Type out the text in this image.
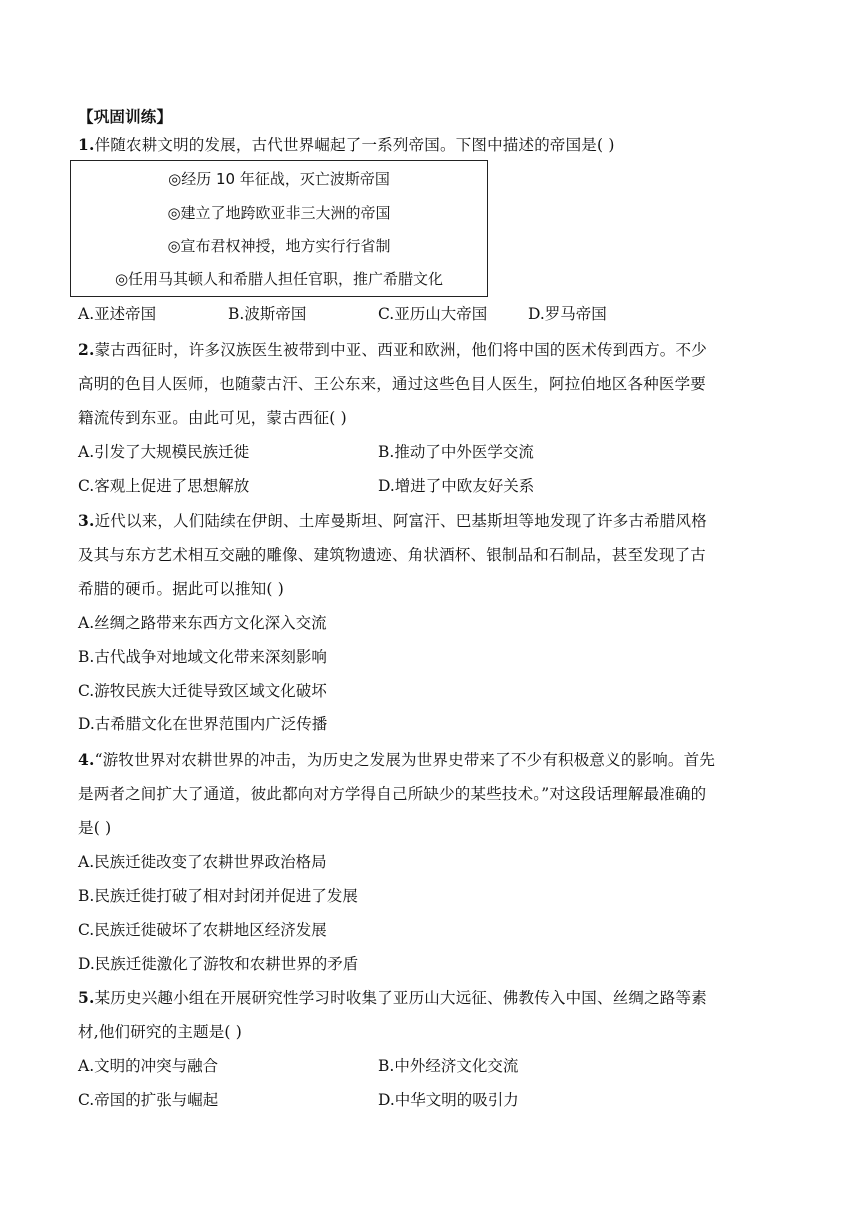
【巩固训练】
1.伴随农耕文明的发展，古代世界崛起了一系列帝国。下图中描述的帝国是( )
◎经历 10 年征战，灭亡波斯帝国
◎建立了地跨欧亚非三大洲的帝国
◎宣布君权神授，地方实行行省制
◎任用马其顿人和希腊人担任官职，推广希腊文化
A.亚述帝国	B.波斯帝国	C.亚历山大帝国	D.罗马帝国
2.蒙古西征时，许多汉族医生被带到中亚、西亚和欧洲，他们将中国的医术传到西方。不少
高明的色目人医师，也随蒙古汗、王公东来，通过这些色目人医生，阿拉伯地区各种医学要
籍流传到东亚。由此可见，蒙古西征( )
A.引发了大规模民族迁徙	B.推动了中外医学交流
C.客观上促进了思想解放	D.增进了中欧友好关系
3.近代以来，人们陆续在伊朗、土库曼斯坦、阿富汗、巴基斯坦等地发现了许多古希腊风格
及其与东方艺术相互交融的雕像、建筑物遗迹、角状酒杯、银制品和石制品，甚至发现了古
希腊的硬币。据此可以推知( )
A.丝绸之路带来东西方文化深入交流
B.古代战争对地域文化带来深刻影响
C.游牧民族大迁徙导致区域文化破坏
D.古希腊文化在世界范围内广泛传播
4.“游牧世界对农耕世界的冲击，为历史之发展为世界史带来了不少有积极意义的影响。首先
是两者之间扩大了通道，彼此都向对方学得自己所缺少的某些技术。”对这段话理解最准确的
是( )
A.民族迁徙改变了农耕世界政治格局
B.民族迁徙打破了相对封闭并促进了发展
C.民族迁徙破坏了农耕地区经济发展
D.民族迁徙激化了游牧和农耕世界的矛盾
5.某历史兴趣小组在开展研究性学习时收集了亚历山大远征、佛教传入中国、丝绸之路等素
材,他们研究的主题是( )
A.文明的冲突与融合	B.中外经济文化交流
C.帝国的扩张与崛起	D.中华文明的吸引力
